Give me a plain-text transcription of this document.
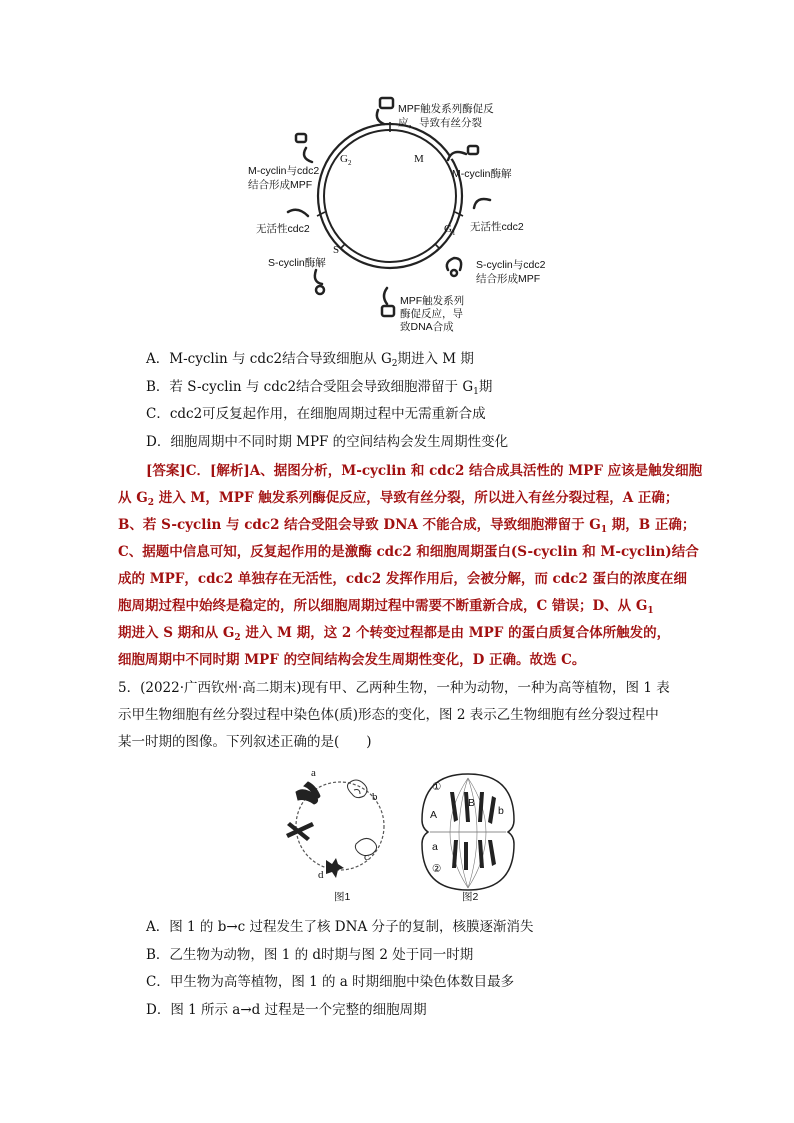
M
$G_1$
S
$G_2$
MPF触发系列酶促反
应，导致有丝分裂
M-cyclin酶解
无活性cdc2
S-cyclin与cdc2
结合形成MPF
MPF触发系列
酶促反应，导
致DNA合成
S-cyclin酶解
无活性cdc2
M-cyclin与cdc2
结合形成MPF
A．M-cyclin 与 cdc2结合导致细胞从 $G_2$期进入 M 期
B．若 S-cyclin 与 cdc2结合受阻会导致细胞滞留于 $G_1$期
C．cdc2可反复起作用，在细胞周期过程中无需重新合成
D．细胞周期中不同时期 MPF 的空间结构会发生周期性变化

[答案]C．[解析]A、据图分析，M-cyclin 和 cdc2 结合成具活性的 MPF 应该是触发细胞

从 $G_2$ 进入 M，MPF 触发系列酶促反应，导致有丝分裂，所以进入有丝分裂过程，A 正确；

B、若 S-cyclin 与 cdc2 结合受阻会导致 DNA 不能合成，导致细胞滞留于 $G_1$ 期，B 正确；

C、据题中信息可知，反复起作用的是激酶 cdc2 和细胞周期蛋白(S-cyclin 和 M-cyclin)结合

成的 MPF，cdc2 单独存在无活性，cdc2 发挥作用后，会被分解，而 cdc2 蛋白的浓度在细

胞周期过程中始终是稳定的，所以细胞周期过程中需要不断重新合成，C 错误；D、从 $G_1$

期进入 S 期和从 $G_2$ 进入 M 期，这 2 个转变过程都是由 MPF 的蛋白质复合体所触发的，

细胞周期中不同时期 MPF 的空间结构会发生周期性变化，D 正确。故选 C。

5．(2022·广西钦州·高二期末)现有甲、乙两种生物，一种为动物，一种为高等植物，图 1 表

示甲生物细胞有丝分裂过程中染色体(质)形态的变化，图 2 表示乙生物细胞有丝分裂过程中

某一时期的图像。下列叙述正确的是(　　)

a
b
c
d
图1
①
②
A
a
B
b
图2
A．图 1 的 b→c 过程发生了核 DNA 分子的复制，核膜逐渐消失
B．乙生物为动物，图 1 的 d时期与图 2 处于同一时期
C．甲生物为高等植物，图 1 的 a 时期细胞中染色体数目最多
D．图 1 所示 a→d 过程是一个完整的细胞周期
